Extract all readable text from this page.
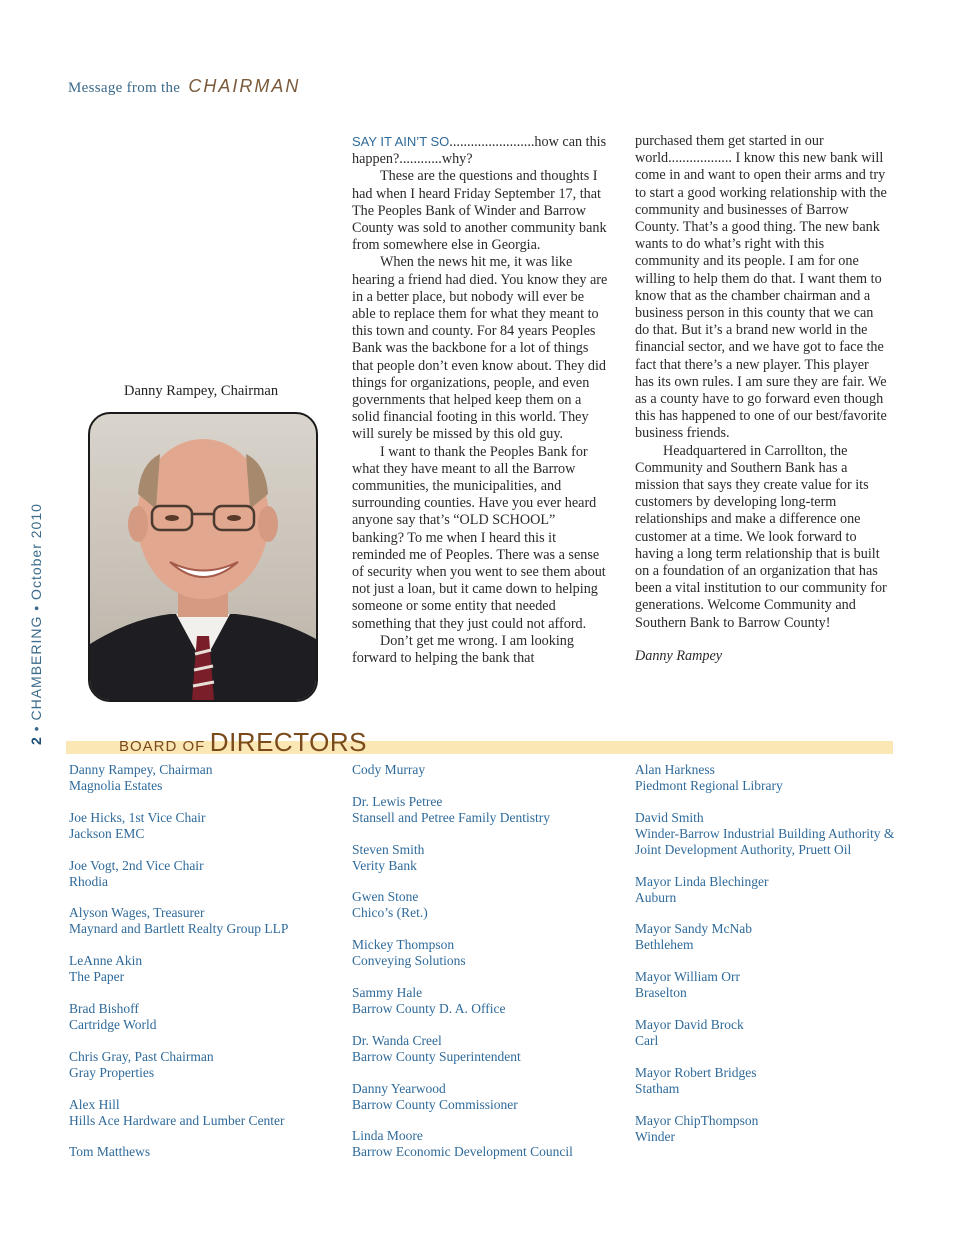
Message from the CHAIRMAN
2 • CHAMBERING • October 2010
Danny Rampey, Chairman

SAY IT AIN’T SO........................how can this happen?............why?

These are the questions and thoughts I had when I heard Friday September 17, that The Peoples Bank of Winder and Barrow County was sold to another community bank from somewhere else in Georgia.

When the news hit me, it was like hearing a friend had died. You know they are in a better place, but nobody will ever be able to replace them for what they meant to this town and county. For 84 years Peoples Bank was the backbone for a lot of things that people don’t even know about. They did things for organizations, people, and even governments that helped keep them on a solid financial footing in this world. They will surely be missed by this old guy.

I want to thank the Peoples Bank for what they have meant to all the Barrow communities, the municipalities, and surrounding counties. Have you ever heard anyone say that’s “OLD SCHOOL” banking? To me when I heard this it reminded me of Peoples. There was a sense of security when you went to see them about not just a loan, but it came down to helping someone or some entity that needed something that they just could not afford.

Don’t get me wrong. I am looking forward to helping the bank that

purchased them get started in our world.................. I know this new bank will come in and want to open their arms and try to start a good working relationship with the community and businesses of Barrow County. That’s a good thing. The new bank wants to do what’s right with this community and its people. I am for one willing to help them do that. I want them to know that as the chamber chairman and a business person in this county that we can do that. But it’s a brand new world in the financial sector, and we have got to face the fact that there’s a new player. This player has its own rules. I am sure they are fair. We as a county have to go forward even though this has happened to one of our best/favorite business friends.

Headquartered in Carrollton, the Community and Southern Bank has a mission that says they create value for its customers by developing long-term relationships and make a difference one customer at a time. We look forward to having a long term relationship that is built on a foundation of an organization that has been a vital institution to our community for generations. Welcome Community and Southern Bank to Barrow County!

Danny Rampey

BOARD OF DIRECTORS
Danny Rampey, Chairman
Magnolia Estates
Joe Hicks, 1st Vice Chair
Jackson EMC
Joe Vogt, 2nd Vice Chair
Rhodia
Alyson Wages, Treasurer
Maynard and Bartlett Realty Group LLP
LeAnne Akin
The Paper
Brad Bishoff
Cartridge World
Chris Gray, Past Chairman
Gray Properties
Alex Hill
Hills Ace Hardware and Lumber Center
Tom Matthews
Cody Murray
Dr. Lewis Petree
Stansell and Petree Family Dentistry
Steven Smith
Verity Bank
Gwen Stone
Chico’s (Ret.)
Mickey Thompson
Conveying Solutions
Sammy Hale
Barrow County D. A. Office
Dr. Wanda Creel
Barrow County Superintendent
Danny Yearwood
Barrow County Commissioner
Linda Moore
Barrow Economic Development Council
Alan Harkness
Piedmont Regional Library
David Smith
Winder-Barrow Industrial Building Authority &
Joint Development Authority, Pruett Oil
Mayor Linda Blechinger
Auburn
Mayor Sandy McNab
Bethlehem
Mayor William Orr
Braselton
Mayor David Brock
Carl
Mayor Robert Bridges
Statham
Mayor ChipThompson
Winder
